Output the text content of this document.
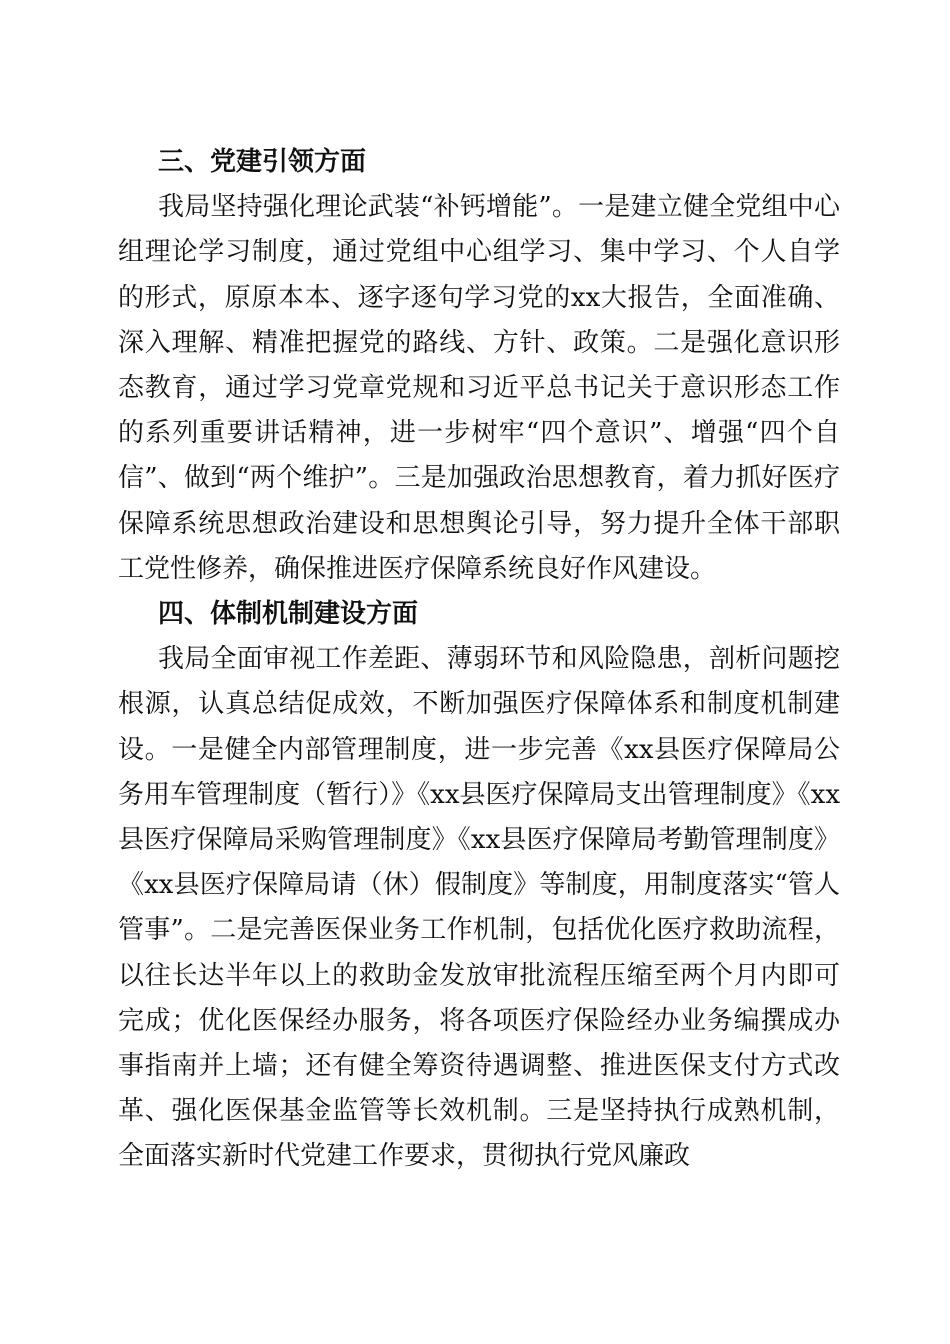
三、党建引领方面

我局坚持强化理论武装“补钙增能”。一是建立健全党组中心组理论学习制度，通过党组中心组学习、集中学习、个人自学的形式，原原本本、逐字逐句学习党的xx大报告，全面准确、深入理解、精准把握党的路线、方针、政策。二是强化意识形态教育，通过学习党章党规和习近平总书记关于意识形态工作的系列重要讲话精神，进一步树牢“四个意识”、增强“四个自信”、做到“两个维护”。三是加强政治思想教育，着力抓好医疗保障系统思想政治建设和思想舆论引导，努力提升全体干部职工党性修养，确保推进医疗保障系统良好作风建设。

四、体制机制建设方面

我局全面审视工作差距、薄弱环节和风险隐患，剖析问题挖根源，认真总结促成效，不断加强医疗保障体系和制度机制建设。一是健全内部管理制度，进一步完善《xx县医疗保障局公务用车管理制度（暂行）》《xx县医疗保障局支出管理制度》《xx县医疗保障局采购管理制度》《xx县医疗保障局考勤管理制度》《xx县医疗保障局请（休）假制度》等制度，用制度落实“管人管事”。二是完善医保业务工作机制，包括优化医疗救助流程，以往长达半年以上的救助金发放审批流程压缩至两个月内即可完成；优化医保经办服务，将各项医疗保险经办业务编撰成办事指南并上墙；还有健全筹资待遇调整、推进医保支付方式改革、强化医保基金监管等长效机制。三是坚持执行成熟机制，全面落实新时代党建工作要求，贯彻执行党风廉政
